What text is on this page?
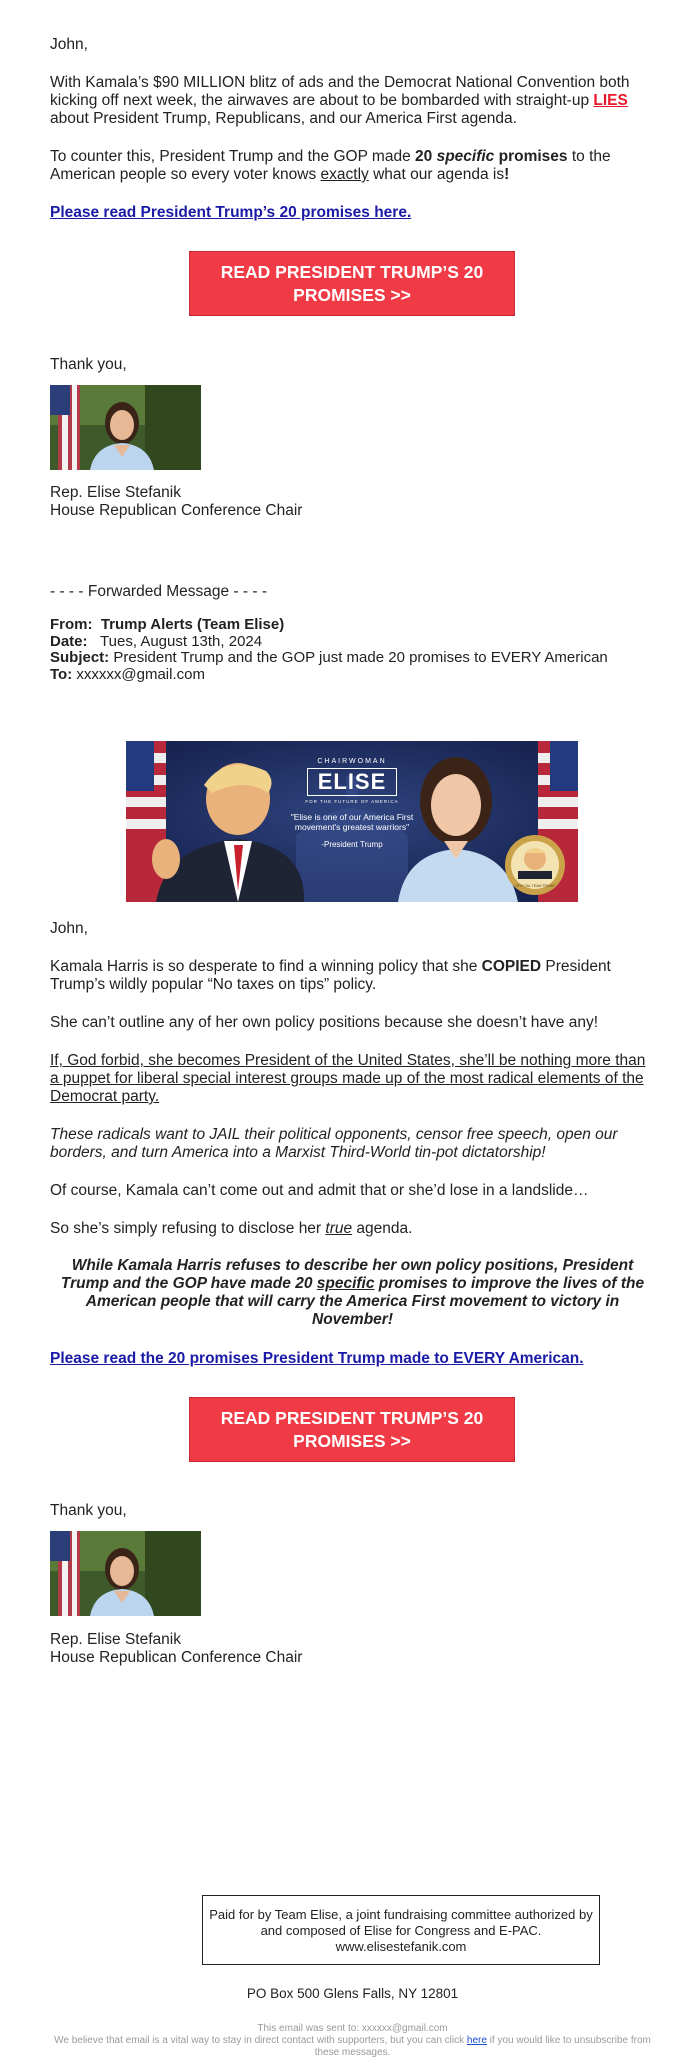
John,

With Kamala’s $90 MILLION blitz of ads and the Democrat National Convention both kicking off next week, the airwaves are about to be bombarded with straight-up LIES about President Trump, Republicans, and our America First agenda.

To counter this, President Trump and the GOP made 20 specific promises to the American people so every voter knows exactly what our agenda is!

Please read President Trump’s 20 promises here.
READ PRESIDENT TRUMP’S 20 PROMISES >>

Thank you,

Rep. Elise Stefanik

House Republican Conference Chair

- - - - Forwarded Message - - - -

From: Trump Alerts (Team Elise)

Date: Tues, August 13th, 2024

Subject: President Trump and the GOP just made 20 promises to EVERY American

To: xxxxxx@gmail.com

CHAIRWOMAN
ELISE
FOR THE FUTURE OF AMERICA
"Elise is one of our America First movement's greatest warriors"
-President Trump
OFFICIAL TEAM TRUMP

John,

Kamala Harris is so desperate to find a winning policy that she COPIED President Trump’s wildly popular “No taxes on tips” policy.

She can’t outline any of her own policy positions because she doesn’t have any!

If, God forbid, she becomes President of the United States, she’ll be nothing more than a puppet for liberal special interest groups made up of the most radical elements of the Democrat party.

These radicals want to JAIL their political opponents, censor free speech, open our borders, and turn America into a Marxist Third-World tin-pot dictatorship!

Of course, Kamala can’t come out and admit that or she’d lose in a landslide…

So she’s simply refusing to disclose her true agenda.

While Kamala Harris refuses to describe her own policy positions, President Trump and the GOP have made 20 specific promises to improve the lives of the American people that will carry the America First movement to victory in November!

Please read the 20 promises President Trump made to EVERY American.
READ PRESIDENT TRUMP’S 20 PROMISES >>

Thank you,

Rep. Elise Stefanik

House Republican Conference Chair

Paid for by Team Elise, a joint fundraising committee authorized by and composed of Elise for Congress and E-PAC. www.elisestefanik.com

PO Box 500 Glens Falls, NY 12801

This email was sent to: xxxxxx@gmail.com

We believe that email is a vital way to stay in direct contact with supporters, but you can click here if you would like to unsubscribe from these messages.
